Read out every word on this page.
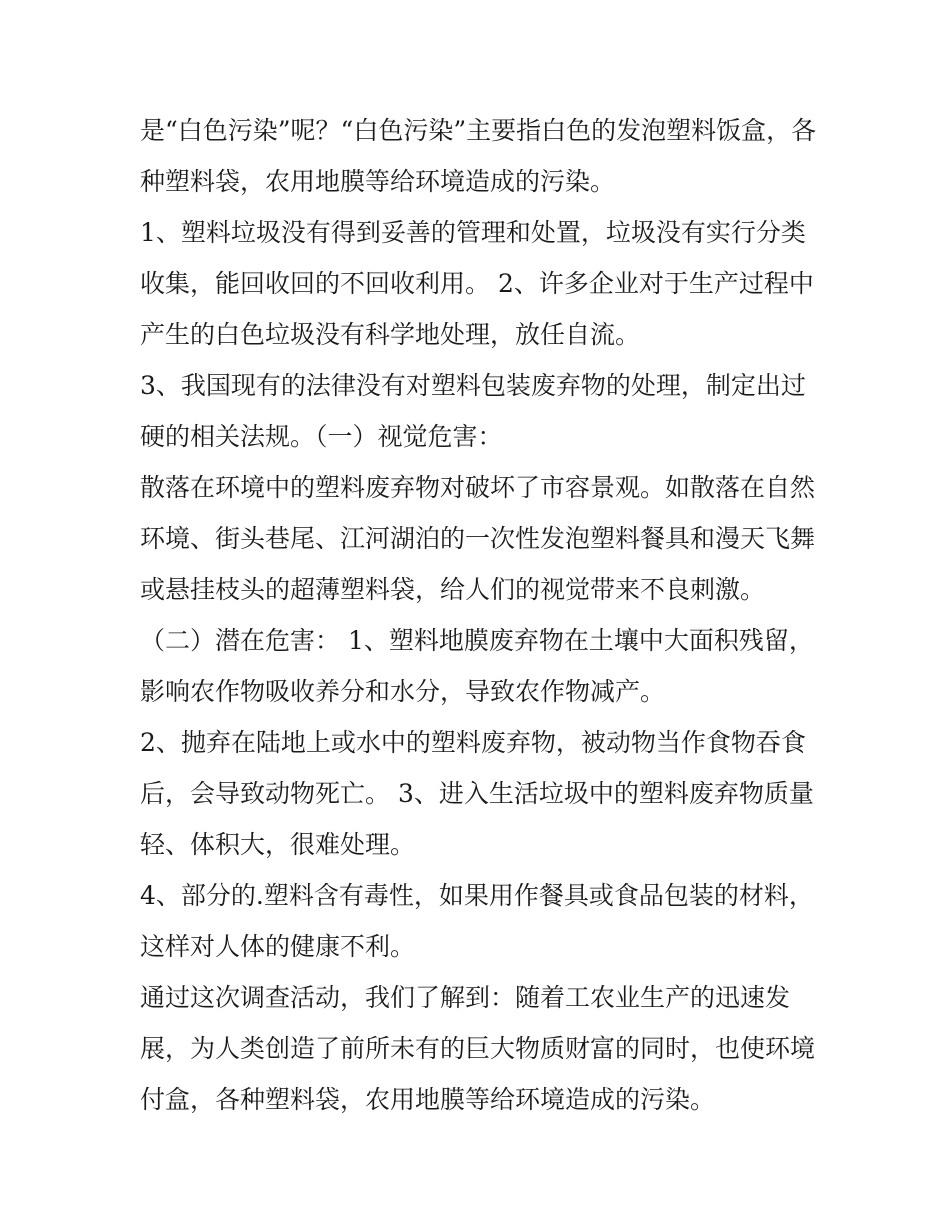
是“白色污染”呢？“白色污染”主要指白色的发泡塑料饭盒，各

种塑料袋，农用地膜等给环境造成的污染。

1、塑料垃圾没有得到妥善的管理和处置，垃圾没有实行分类

收集，能回收回的不回收利用。 2、许多企业对于生产过程中

产生的白色垃圾没有科学地处理，放任自流。

3、我国现有的法律没有对塑料包装废弃物的处理，制定出过

硬的相关法规。（一）视觉危害：

散落在环境中的塑料废弃物对破坏了市容景观。如散落在自然

环境、街头巷尾、江河湖泊的一次性发泡塑料餐具和漫天飞舞

或悬挂枝头的超薄塑料袋，给人们的视觉带来不良刺激。

（二）潜在危害： 1、塑料地膜废弃物在土壤中大面积残留，

影响农作物吸收养分和水分，导致农作物减产。

2、抛弃在陆地上或水中的塑料废弃物，被动物当作食物吞食

后，会导致动物死亡。 3、进入生活垃圾中的塑料废弃物质量

轻、体积大，很难处理。

4、部分的.塑料含有毒性，如果用作餐具或食品包装的材料，

这样对人体的健康不利。

通过这次调查活动，我们了解到：随着工农业生产的迅速发

展，为人类创造了前所未有的巨大物质财富的同时，也使环境

付盒，各种塑料袋，农用地膜等给环境造成的污染。
